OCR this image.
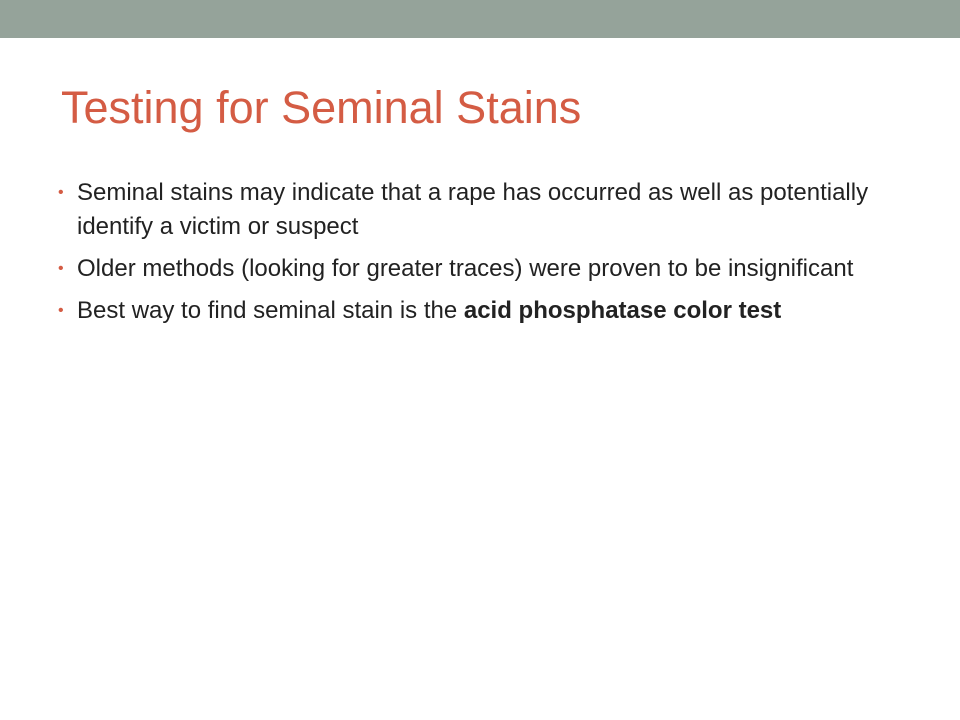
Testing for Seminal Stains
• Seminal stains may indicate that a rape has occurred as well as potentially identify a victim or suspect
• Older methods (looking for greater traces) were proven to be insignificant
• Best way to find seminal stain is the acid phosphatase color test
